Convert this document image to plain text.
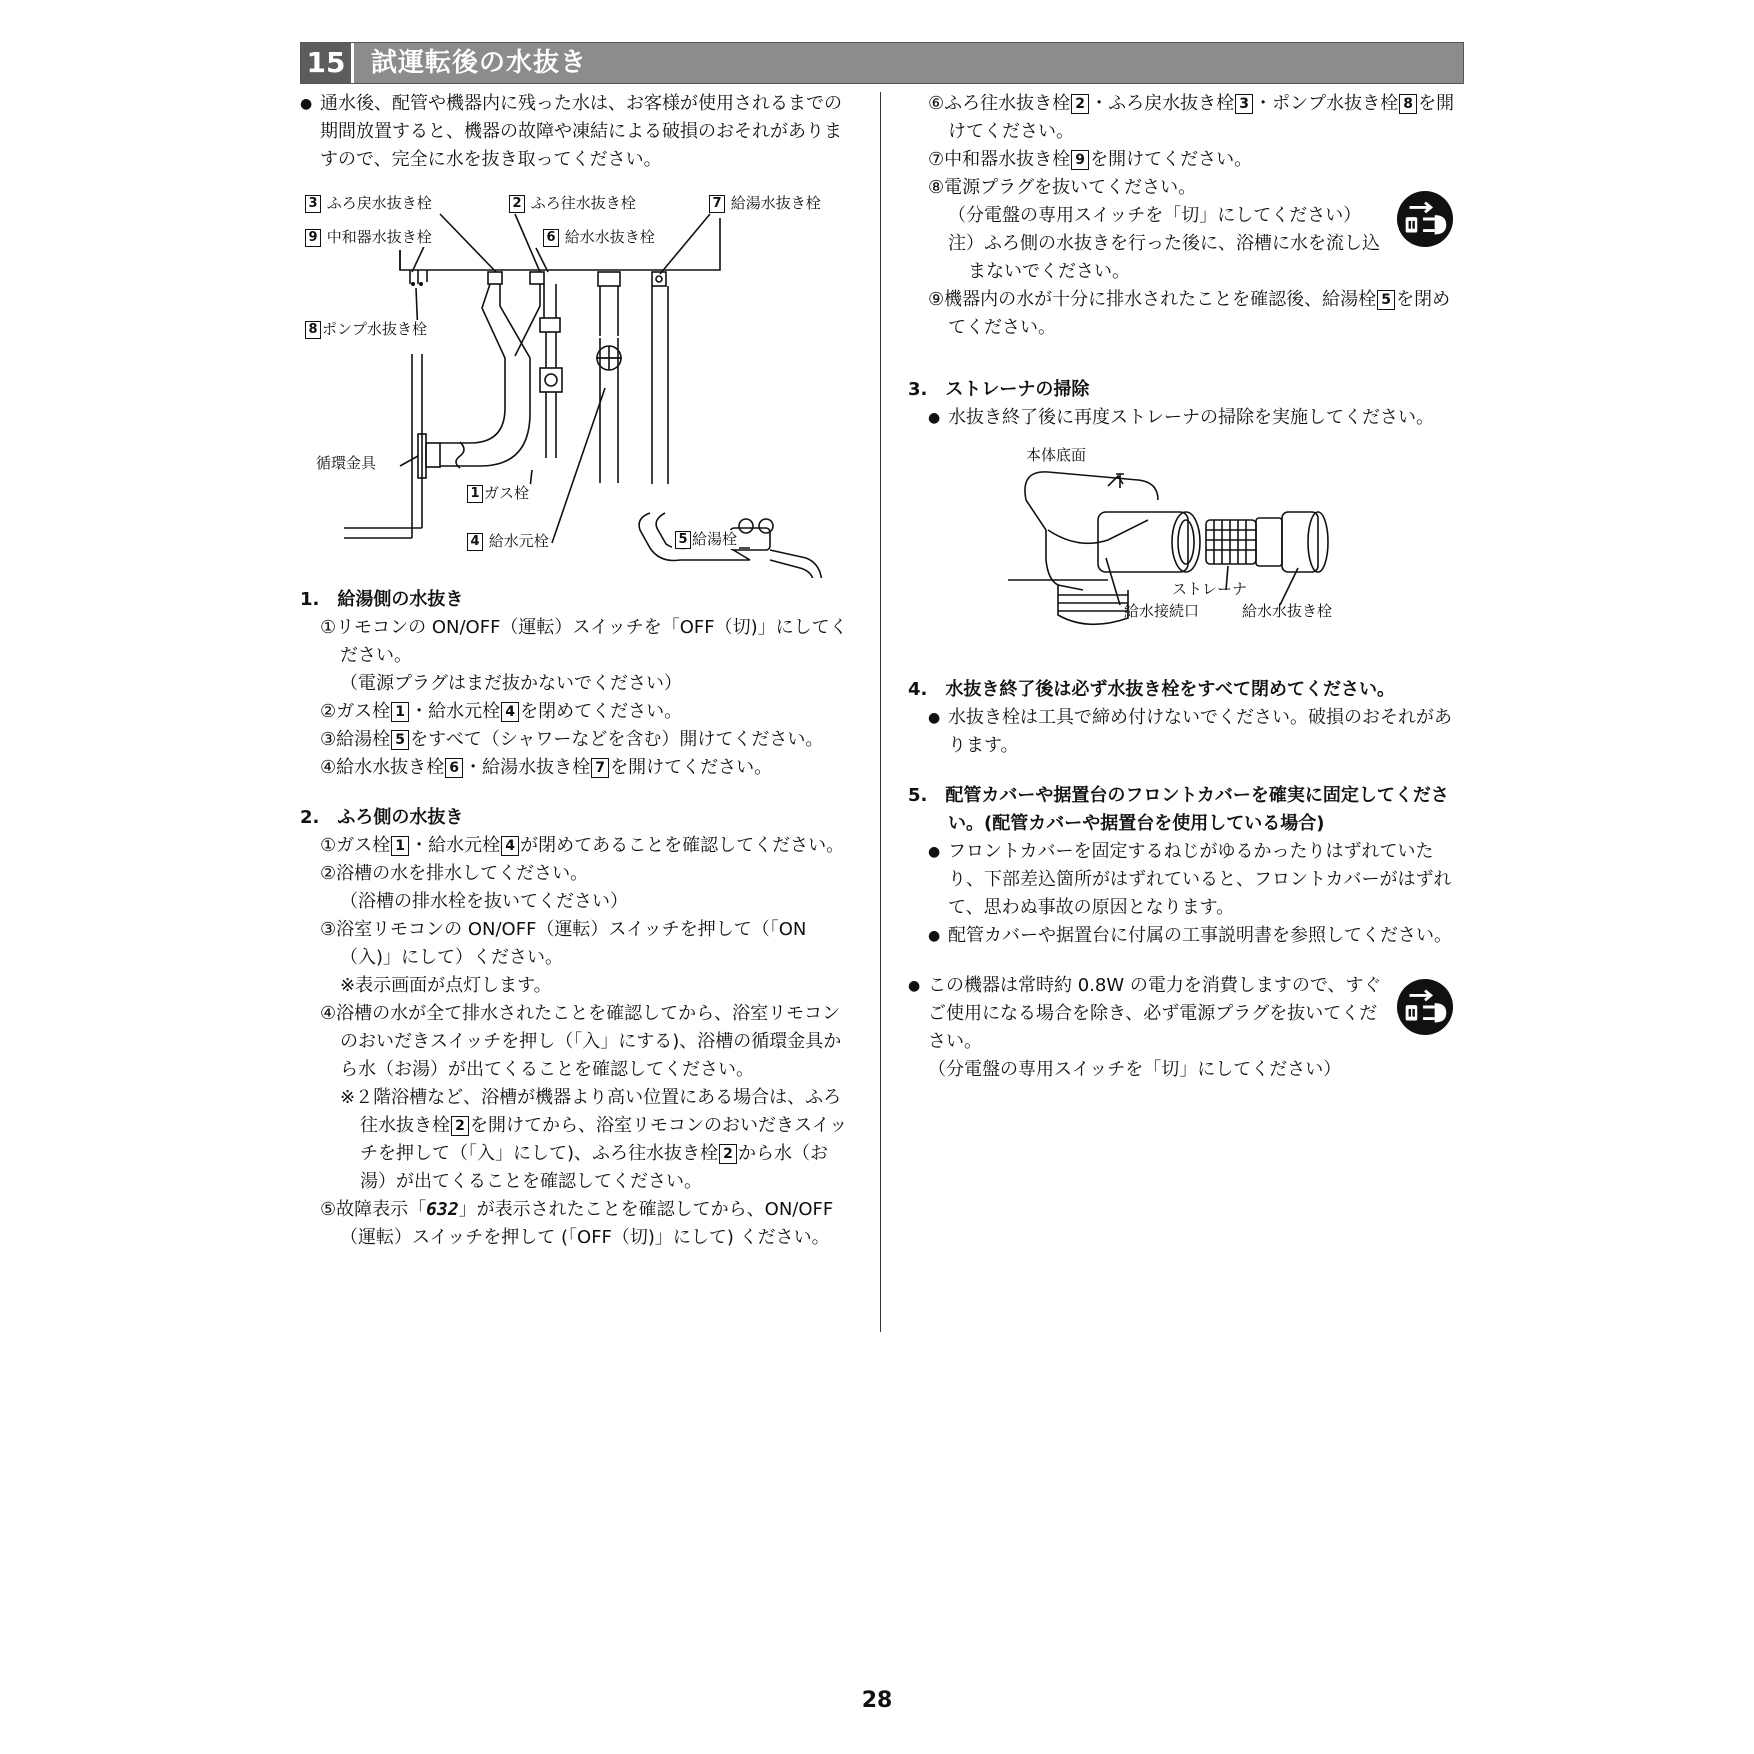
15 試運転後の水抜き

● 通水後、配管や機器内に残った水は、お客様が使用されるまでの期間放置すると、機器の故障や凍結による破損のおそれがありますので、完全に水を抜き取ってください。

3 ふろ戻水抜き栓
9 中和器水抜き栓
2 ふろ往水抜き栓
6 給水水抜き栓
7 給湯水抜き栓
8 ポンプ水抜き栓
循環金具
1 ガス栓
4 給水元栓	5 給湯栓

1.　給湯側の水抜き

①リモコンの ON/OFF（運転）スイッチを「OFF（切)」にしてください。

（電源プラグはまだ抜かないでください）

②ガス栓 1 ・給水元栓 4 を閉めてください。

③給湯栓 5 をすべて（シャワーなどを含む）開けてください。

④給水水抜き栓 6 ・給湯水抜き栓 7 を開けてください。

2.　ふろ側の水抜き

①ガス栓 1 ・給水元栓 4 が閉めてあることを確認してください。

②浴槽の水を排水してください。

（浴槽の排水栓を抜いてください）

③浴室リモコンの ON/OFF（運転）スイッチを押して（「ON（入)」にして）ください。

※表示画面が点灯します。

④浴槽の水が全て排水されたことを確認してから、浴室リモコンのおいだきスイッチを押し（「入」にする)、浴槽の循環金具から水（お湯）が出てくることを確認してください。

※２階浴槽など、浴槽が機器より高い位置にある場合は、ふろ往水抜き栓 2 を開けてから、浴室リモコンのおいだきスイッチを押して（「入」にして)、ふろ往水抜き栓 2 から水（お湯）が出てくることを確認してください。

⑤故障表示「632」が表示されたことを確認してから、ON/OFF（運転）スイッチを押して (「OFF（切)」にして) ください。

⑥ふろ往水抜き栓 2 ・ふろ戻水抜き栓 3 ・ポンプ水抜き栓 8 を開けてください。

⑦中和器水抜き栓 9 を開けてください。

⑧電源プラグを抜いてください。

（分電盤の専用スイッチを「切」にしてください）

注）ふろ側の水抜きを行った後に、浴槽に水を流し込まないでください。

⑨機器内の水が十分に排水されたことを確認後、給湯栓 5 を閉めてください。

3.　ストレーナの掃除

● 水抜き終了後に再度ストレーナの掃除を実施してください。

本体底面
ストレーナ
給水接続口	給水水抜き栓

4.　水抜き終了後は必ず水抜き栓をすべて閉めてください。

● 水抜き栓は工具で締め付けないでください。破損のおそれがあります。

5.　配管カバーや据置台のフロントカバーを確実に固定してください。(配管カバーや据置台を使用している場合)

● フロントカバーを固定するねじがゆるかったりはずれていたり、下部差込箇所がはずれていると、フロントカバーがはずれて、思わぬ事故の原因となります。

● 配管カバーや据置台に付属の工事説明書を参照してください。

● この機器は常時約 0.8W の電力を消費しますので、すぐご使用になる場合を除き、必ず電源プラグを抜いてください。

（分電盤の専用スイッチを「切」にしてください）

28
